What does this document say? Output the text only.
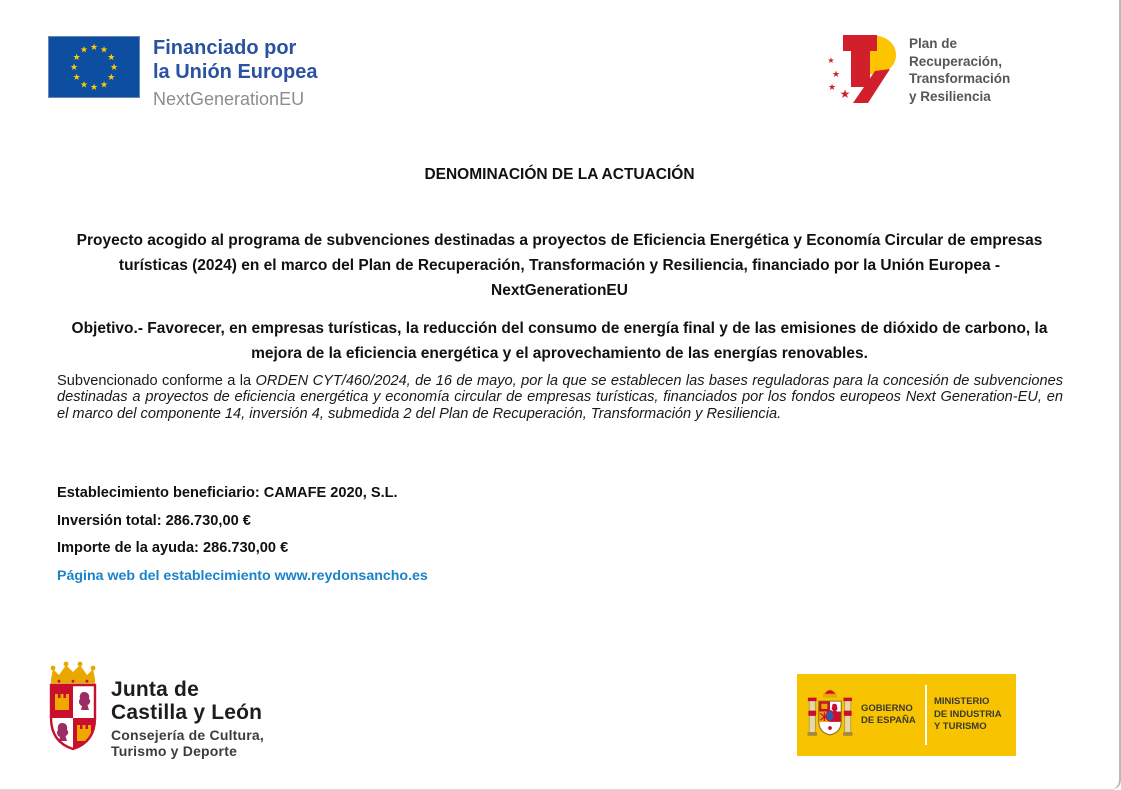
★ ★
★
★
★
★
★
★
★
★
★
★	Financiado por
la Unión Europea
NextGenerationEU
★
★
★ ★
Plan de
Recuperación,
Transformación
y Resiliencia
DENOMINACIÓN DE LA ACTUACIÓN

Proyecto acogido al programa de subvenciones destinadas a proyectos de Eficiencia Energética y Economía Circular de empresas turísticas (2024) en el marco del Plan de Recuperación, Transformación y Resiliencia, financiado por la Unión Europea - NextGenerationEU

Objetivo.- Favorecer, en empresas turísticas, la reducción del consumo de energía final y de las emisiones de dióxido de carbono, la mejora de la eficiencia energética y el aprovechamiento de las energías renovables.

Subvencionado conforme a la ORDEN CYT/460/2024, de 16 de mayo, por la que se establecen las bases reguladoras para la concesión de subvenciones destinadas a proyectos de eficiencia energética y economía circular de empresas turísticas, financiados por los fondos europeos Next Generation-EU, en el marco del componente 14, inversión 4, submedida 2 del Plan de Recuperación, Transformación y Resiliencia.

Establecimiento beneficiario: CAMAFE 2020, S.L.

Inversión total: 286.730,00 €

Importe de la ayuda: 286.730,00 €

Página web del establecimiento www.reydonsancho.es

Junta de
Castilla y León
Consejería de Cultura,
Turismo y Deporte
GOBIERNO
DE ESPAÑA
MINISTERIO
DE INDUSTRIA
Y TURISMO
